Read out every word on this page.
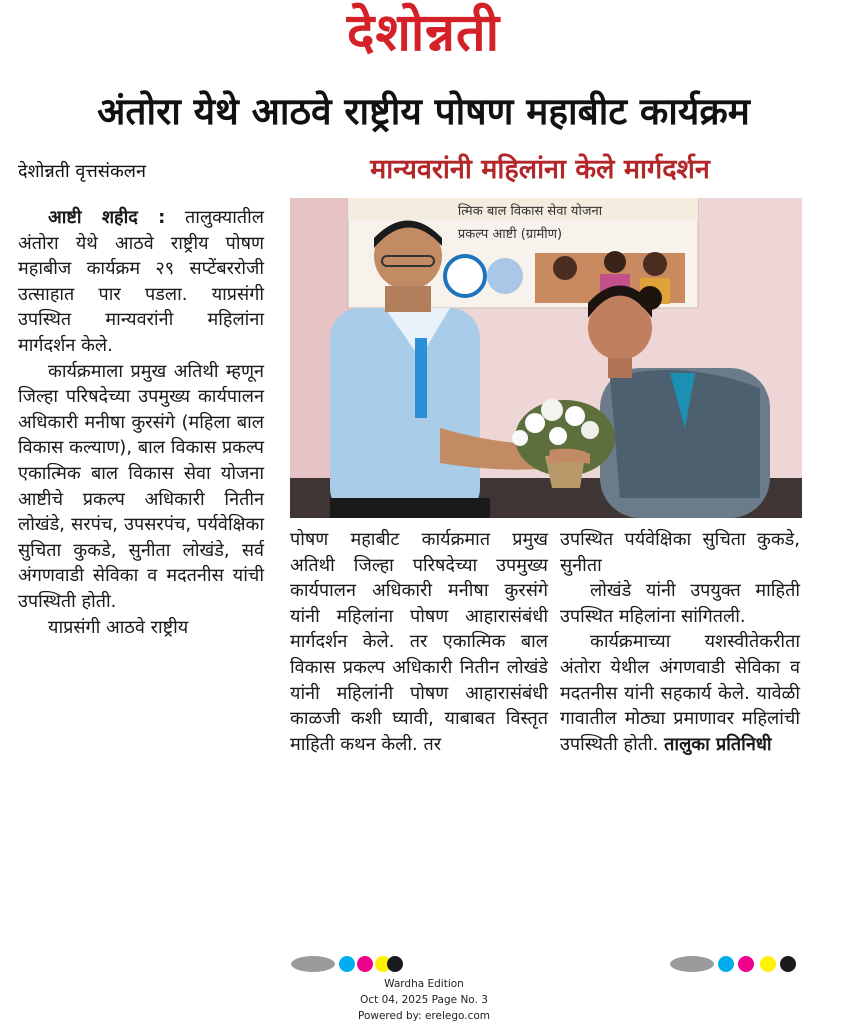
देशोन्नती
अंतोरा येथे आठवे राष्ट्रीय पोषण महाबीट कार्यक्रम
देशोन्नती वृत्तसंकलन	मान्यवरांनी महिलांना केले मार्गदर्शन

आष्टी शहीद : तालुक्यातील अंतोरा येथे आठवे राष्ट्रीय पोषण महाबीज कार्यक्रम २९ सप्टेंबररोजी उत्साहात पार पडला. याप्रसंगी उपस्थित मान्यवरांनी महिलांना मार्गदर्शन केले.

कार्यक्रमाला प्रमुख अतिथी म्हणून जिल्हा परिषदेच्या उपमुख्य कार्यपालन अधिकारी मनीषा कुरसंगे (महिला बाल विकास कल्याण), बाल विकास प्रकल्प एकात्मिक बाल विकास सेवा योजना आष्टीचे प्रकल्प अधिकारी नितीन लोखंडे, सरपंच, उपसरपंच, पर्यवेक्षिका सुचिता कुकडे, सुनीता लोखंडे, सर्व अंगणवाडी सेविका व मदतनीस यांची उपस्थिती होती.

याप्रसंगी आठवे राष्ट्रीय

त्मिक बाल विकास सेवा योजना
प्रकल्प आष्टी (ग्रामीण)

पोषण महाबीट कार्यक्रमात प्रमुख अतिथी जिल्हा परिषदेच्या उपमुख्य कार्यपालन अधिकारी मनीषा कुरसंगे यांनी महिलांना पोषण आहारासंबंधी मार्गदर्शन केले. तर एकात्मिक बाल विकास प्रकल्प अधिकारी नितीन लोखंडे यांनी महिलांनी पोषण आहारासंबंधी काळजी कशी घ्यावी, याबाबत विस्तृत माहिती कथन केली. तर

उपस्थित पर्यवेक्षिका सुचिता कुकडे, सुनीता

लोखंडे यांनी उपयुक्त माहिती उपस्थित महिलांना सांगितली.

कार्यक्रमाच्या यशस्वीतेकरीता अंतोरा येथील अंगणवाडी सेविका व मदतनीस यांनी सहकार्य केले. यावेळी गावातील मोठ्या प्रमाणावर महिलांची उपस्थिती होती. तालुका प्रतिनिधी

Wardha Edition
Oct 04, 2025 Page No. 3
Powered by: erelego.com
